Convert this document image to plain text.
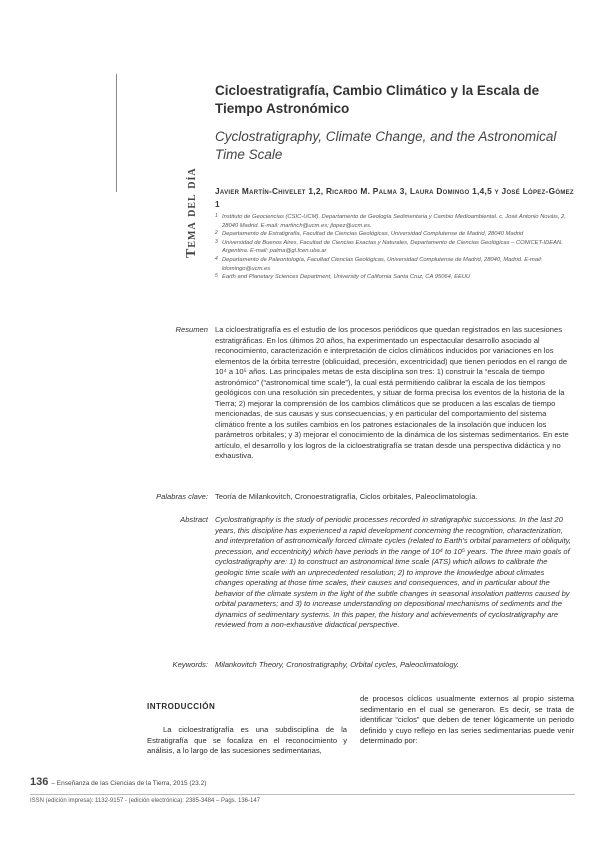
Tema del día
Cicloestratigrafía, Cambio Climático y la Escala de Tiempo Astronómico
Cyclostratigraphy, Climate Change, and the Astronomical Time Scale
Javier Martín-Chivelet 1,2, Ricardo M. Palma 3, Laura Domingo 1,4,5 y José López-Gómez 1
1 Instituto de Geociencias (CSIC-UCM). Departamento de Geología Sedimentaria y Cambio Medioambiental. c. José Antonio Nováis, 2, 28040 Madrid. E-mail: martinch@ucm.es; jlopez@ucm.es.
2 Departamento de Estratigrafía, Facultad de Ciencias Geológicas, Universidad Complutense de Madrid, 28040 Madrid
3 Universidad de Buenos Aires, Facultad de Ciencias Exactas y Naturales, Departamento de Ciencias Geológicas – CONICET-IDEAN. Argentina. E-mail: palma@gl.fcen.uba.ar
4 Departamento de Paleontología, Facultad Ciencias Geológicas, Universidad Complutense de Madrid, 28040, Madrid. E-mail: ldomingo@ucm.es
5 Earth and Planetary Sciences Department, University of California Santa Cruz, CA 95064, EEUU
Resumen La cicloestratigrafía es el estudio de los procesos periódicos que quedan registrados en las sucesiones estratigráficas. En los últimos 20 años, ha experimentado un espectacular desarrollo asociado al reconocimiento, caracterización e interpretación de ciclos climáticos inducidos por variaciones en los elementos de la órbita terrestre (oblicuidad, precesión, excentricidad) que tienen periodos en el rango de 10⁴ a 10⁵ años. Las principales metas de esta disciplina son tres: 1) construir la “escala de tiempo astronómico” (“astronomical time scale”), la cual está permitiendo calibrar la escala de los tiempos geológicos con una resolución sin precedentes, y situar de forma precisa los eventos de la historia de la Tierra; 2) mejorar la comprensión de los cambios climáticos que se producen a las escalas de tiempo mencionadas, de sus causas y sus consecuencias, y en particular del comportamiento del sistema climático frente a los sutiles cambios en los patrones estacionales de la insolación que inducen los parámetros orbitales; y 3) mejorar el conocimiento de la dinámica de los sistemas sedimentarios. En este artículo, el desarrollo y los logros de la cicloestratigrafía se tratan desde una perspectiva didáctica y no exhaustiva.
Palabras clave: Teoría de Milankovitch, Cronoestratigrafía, Ciclos orbitales, Paleoclimatología.
Abstract Cyclostratigraphy is the study of periodic processes recorded in stratigraphic successions. In the last 20 years, this discipline has experienced a rapid development concerning the recognition, characterization, and interpretation of astronomically forced climate cycles (related to Earth’s orbital parameters of obliquity, precession, and eccentricity) which have periods in the range of 10⁴ to 10⁵ years. The three main goals of cyclostratigraphy are: 1) to construct an astronomical time scale (ATS) which allows to calibrate the geologic time scale with an unprecedented resolution; 2) to improve the knowledge about climates changes operating at those time scales, their causes and consequences, and in particular about the behavior of the climate system in the light of the subtle changes in seasonal insolation patterns caused by orbital parameters; and 3) to increase understanding on depositional mechanisms of sediments and the dynamics of sedimentary systems. In this paper, the history and achievements of cyclostratigraphy are reviewed from a non-exhaustive didactical perspective.
Keywords: Milankovitch Theory, Cronostratigraphy, Orbital cycles, Paleoclimatology.
INTRODUCCIÓN

La cicloestratigrafía es una subdisciplina de la Estratigrafía que se focaliza en el reconocimiento y análisis, a lo largo de las sucesiones sedimentarias,

de procesos cíclicos usualmente externos al propio sistema sedimentario en el cual se generaron. Es decir, se trata de identificar “ciclos” que deben de tener lógicamente un periodo definido y cuyo reflejo en las series sedimentarias puede venir determinado por:

136 – Enseñanza de las Ciencias de la Tierra, 2015 (23.2)
ISSN (edición impresa): 1132-9157 - (edición electrónica): 2385-3484 – Pags. 136-147
